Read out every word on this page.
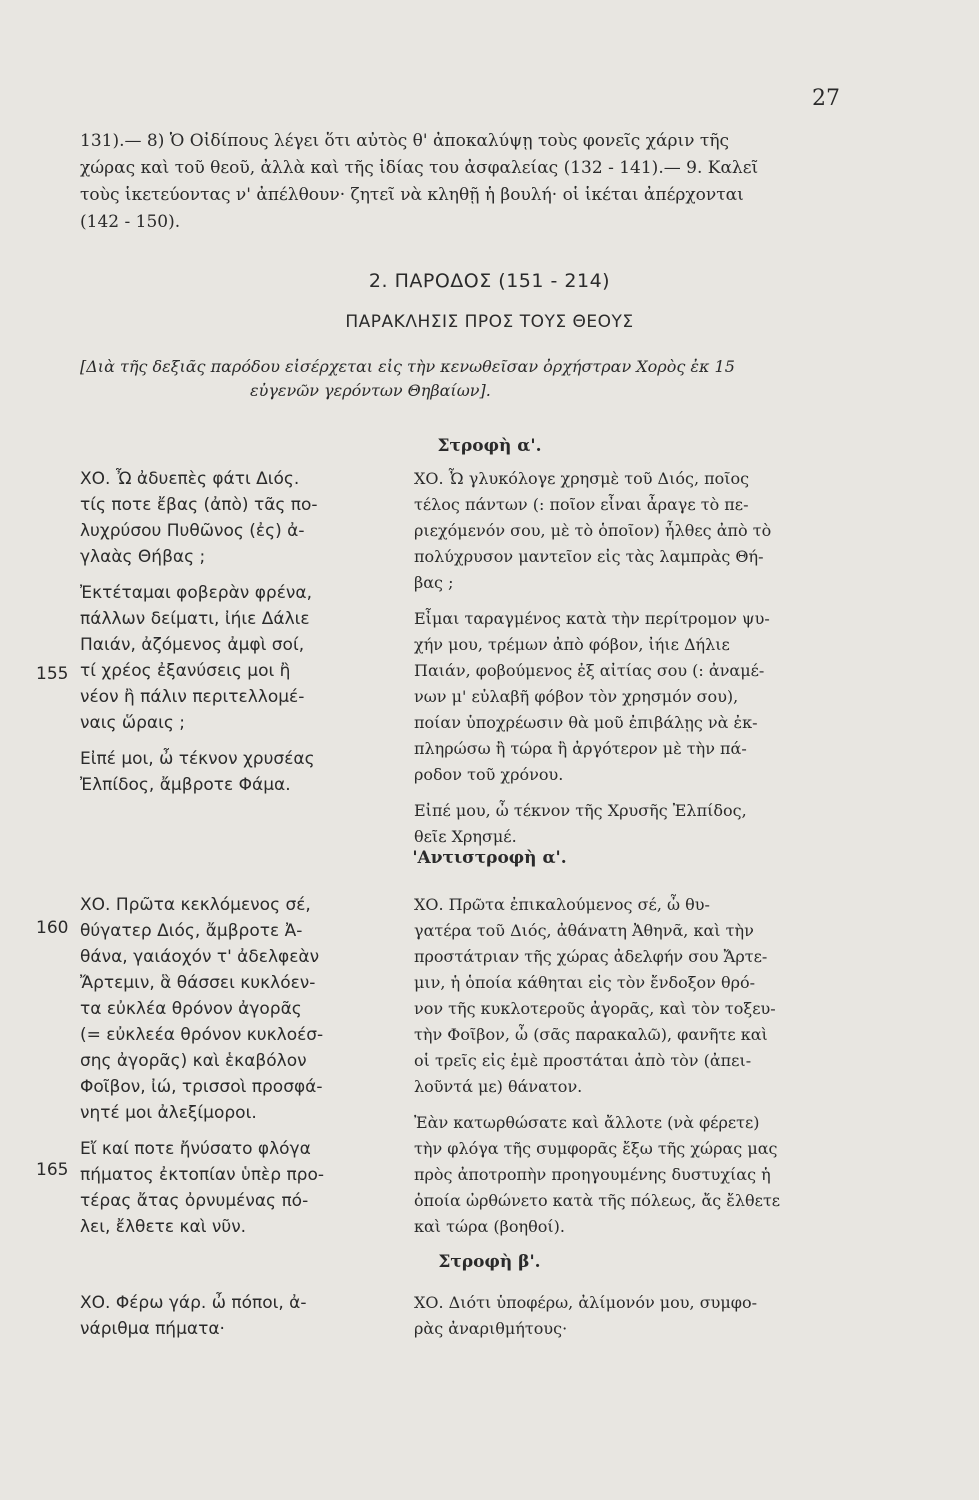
27
131).— 8) Ὁ Οἰδίπους λέγει ὅτι αὐτὸς θ' ἀποκαλύψῃ τοὺς φονεῖς χάριν τῆς
χώρας καὶ τοῦ θεοῦ, ἀλλὰ καὶ τῆς ἰδίας του ἀσφαλείας (132 - 141).— 9. Καλεῖ
τοὺς ἱκετεύοντας ν' ἀπέλθουν· ζητεῖ νὰ κληθῇ ἡ βουλή· οἱ ἱκέται ἀπέρχονται
(142 - 150).
2. ΠΑΡΟΔΟΣ (151 - 214)
ΠΑΡΑΚΛΗΣΙΣ ΠΡΟΣ ΤΟΥΣ ΘΕΟΥΣ
[Διὰ τῆς δεξιᾶς παρόδου εἰσέρχεται εἰς τὴν κενωθεῖσαν ὀρχήστραν Χορὸς ἐκ 15
εὐγενῶν γερόντων Θηβαίων].
Στροφὴ α'.
ΧΟ. Ὦ ἀδυεπὲς φάτι Διός.
τίς ποτε ἔβας (ἀπὸ) τᾶς πο-
λυχρύσου Πυθῶνος (ἐς) ἀ-
γλαὰς Θήβας ;
Ἐκτέταμαι φοβερὰν φρένα,
πάλλων δείματι, ἰήιε Δάλιε
Παιάν, ἀζόμενος ἀμφὶ σοί,
τί χρέος ἐξανύσεις μοι ἢ
νέον ἢ πάλιν περιτελλομέ-
ναις ὥραις ;
Εἰπέ μοι, ὦ τέκνον χρυσέας
Ἐλπίδος, ἄμβροτε Φάμα.
ΧΟ. Ὦ γλυκόλογε χρησμὲ τοῦ Διός, ποῖος
τέλος πάντων (: ποῖον εἶναι ἆραγε τὸ πε-
ριεχόμενόν σου, μὲ τὸ ὁποῖον) ἦλθες ἀπὸ τὸ
πολύχρυσον μαντεῖον εἰς τὰς λαμπρὰς Θή-
βας ;
Εἶμαι ταραγμένος κατὰ τὴν περίτρομον ψυ-
χήν μου, τρέμων ἀπὸ φόβον, ἰήιε Δήλιε
Παιάν, φοβούμενος ἐξ αἰτίας σου (: ἀναμέ-
νων μ' εὐλαβῆ φόβον τὸν χρησμόν σου),
ποίαν ὑποχρέωσιν θὰ μοῦ ἐπιβάλῃς νὰ ἐκ-
πληρώσω ἢ τώρα ἢ ἀργότερον μὲ τὴν πά-
ροδον τοῦ χρόνου.
Εἰπέ μου, ὦ τέκνον τῆς Χρυσῆς Ἐλπίδος,
θεῖε Χρησμέ.
155
'Αντιστροφὴ α'.
ΧΟ. Πρῶτα κεκλόμενος σέ,
θύγατερ Διός, ἄμβροτε Ἀ-
θάνα, γαιάοχόν τ' ἀδελφεὰν
Ἄρτεμιν, ἃ θάσσει κυκλόεν-
τα εὐκλέα θρόνον ἀγορᾶς
(= εὐκλεέα θρόνον κυκλοέσ-
σης ἀγορᾶς) καὶ ἑκαβόλον
Φοῖβον, ἰώ, τρισσοὶ προσφά-
νητέ μοι ἀλεξίμοροι.
Εἴ καί ποτε ἤνύσατο φλόγα
πήματος ἐκτοπίαν ὑπὲρ προ-
τέρας ἄτας ὀρνυμένας πό-
λει, ἔλθετε καὶ νῦν.
ΧΟ. Πρῶτα ἐπικαλούμενος σέ, ὦ θυ-
γατέρα τοῦ Διός, ἀθάνατη Ἀθηνᾶ, καὶ τὴν
προστάτριαν τῆς χώρας ἀδελφήν σου Ἄρτε-
μιν, ἡ ὁποία κάθηται εἰς τὸν ἔνδοξον θρό-
νον τῆς κυκλοτεροῦς ἀγορᾶς, καὶ τὸν τοξευ-
τὴν Φοῖβον, ὦ (σᾶς παρακαλῶ), φανῆτε καὶ
οἱ τρεῖς εἰς ἐμὲ προστάται ἀπὸ τὸν (ἀπει-
λοῦντά με) θάνατον.
Ἐὰν κατωρθώσατε καὶ ἄλλοτε (νὰ φέρετε)
τὴν φλόγα τῆς συμφορᾶς ἔξω τῆς χώρας μας
πρὸς ἀποτροπὴν προηγουμένης δυστυχίας ἡ
ὁποία ὠρθώνετο κατὰ τῆς πόλεως, ἄς ἔλθετε
καὶ τώρα (βοηθοί).
160
165
Στροφὴ β'.
ΧΟ. Φέρω γάρ. ὦ πόποι, ἀ-
νάριθμα πήματα·
ΧΟ. Διότι ὑποφέρω, ἀλίμονόν μου, συμφο-
ρὰς ἀναριθμήτους·
